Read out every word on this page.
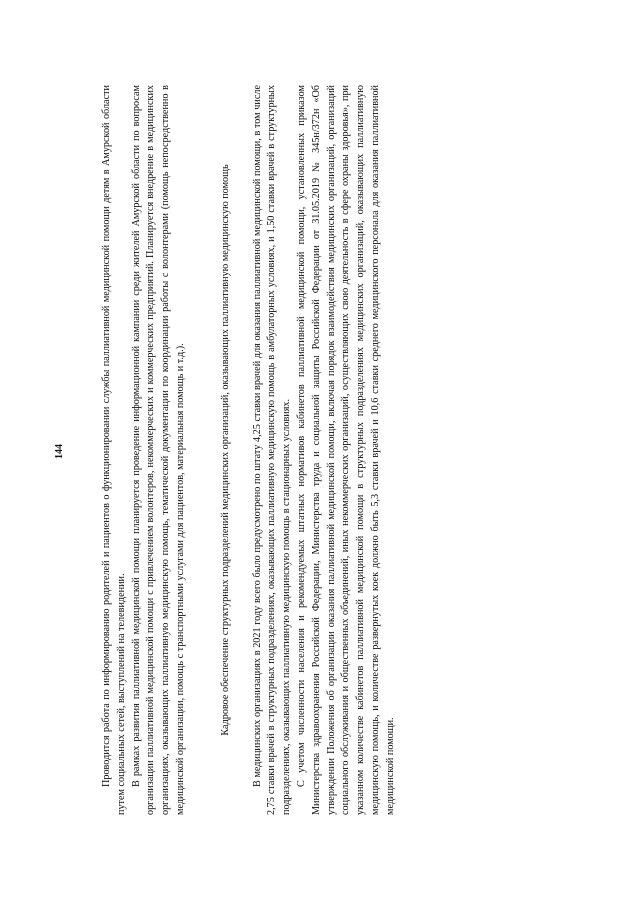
144	Проводится работа по информированию родителей и пациентов о функционировании службы паллиативной медицинской помощи детям в Амурской области путем социальных сетей, выступлений на телевидении. В рамках развития паллиативной медицинской помощи планируется проведение информационной кампании среди жителей Амурской области по вопросам организации паллиативной медицинской помощи с привлечением волонтеров, некоммерческих и коммерческих предприятий. Планируется внедрение в медицинских организациях, оказывающих паллиативную медицинскую помощь, тематической документации по координации работы с волонтерами (помощь непосредственно в медицинской организации, помощь с транспортными услугами для пациентов, материальная помощь и т.д.).	Кадровое обеспечение структурных подразделений медицинских организаций, оказывающих паллиативную медицинскую помощь В медицинских организациях в 2021 году всего было предусмотрено по штату 4,25 ставки врачей для оказания паллиативной медицинской помощи, в том числе 2,75 ставки врачей в структурных подразделениях, оказывающих паллиативную медицинскую помощь в амбулаторных условиях, и 1,50 ставки врачей в структурных подразделениях, оказывающих паллиативную медицинскую помощь в стационарных условиях. С учетом численности населения и рекомендуемых штатных нормативов кабинетов паллиативной медицинской помощи, установленных приказом Министерства здравоохранения Российской Федерации, Министерства труда и социальной защиты Российской Федерации от 31.05.2019 № 345н/372н «Об утверждении Положения об организации оказания паллиативной медицинской помощи, включая порядок взаимодействия медицинских организаций, организаций социального обслуживания и общественных объединений, иных некоммерческих организаций, осуществляющих свою деятельность в сфере охраны здоровья», при указанном количестве кабинетов паллиативной медицинской помощи в структурных подразделениях медицинских организаций, оказывающих паллиативную медицинскую помощь, и количестве развернутых коек должно быть 5,3 ставки врачей и 10,6 ставки среднего медицинского персонала для оказания паллиативной медицинской помощи.
